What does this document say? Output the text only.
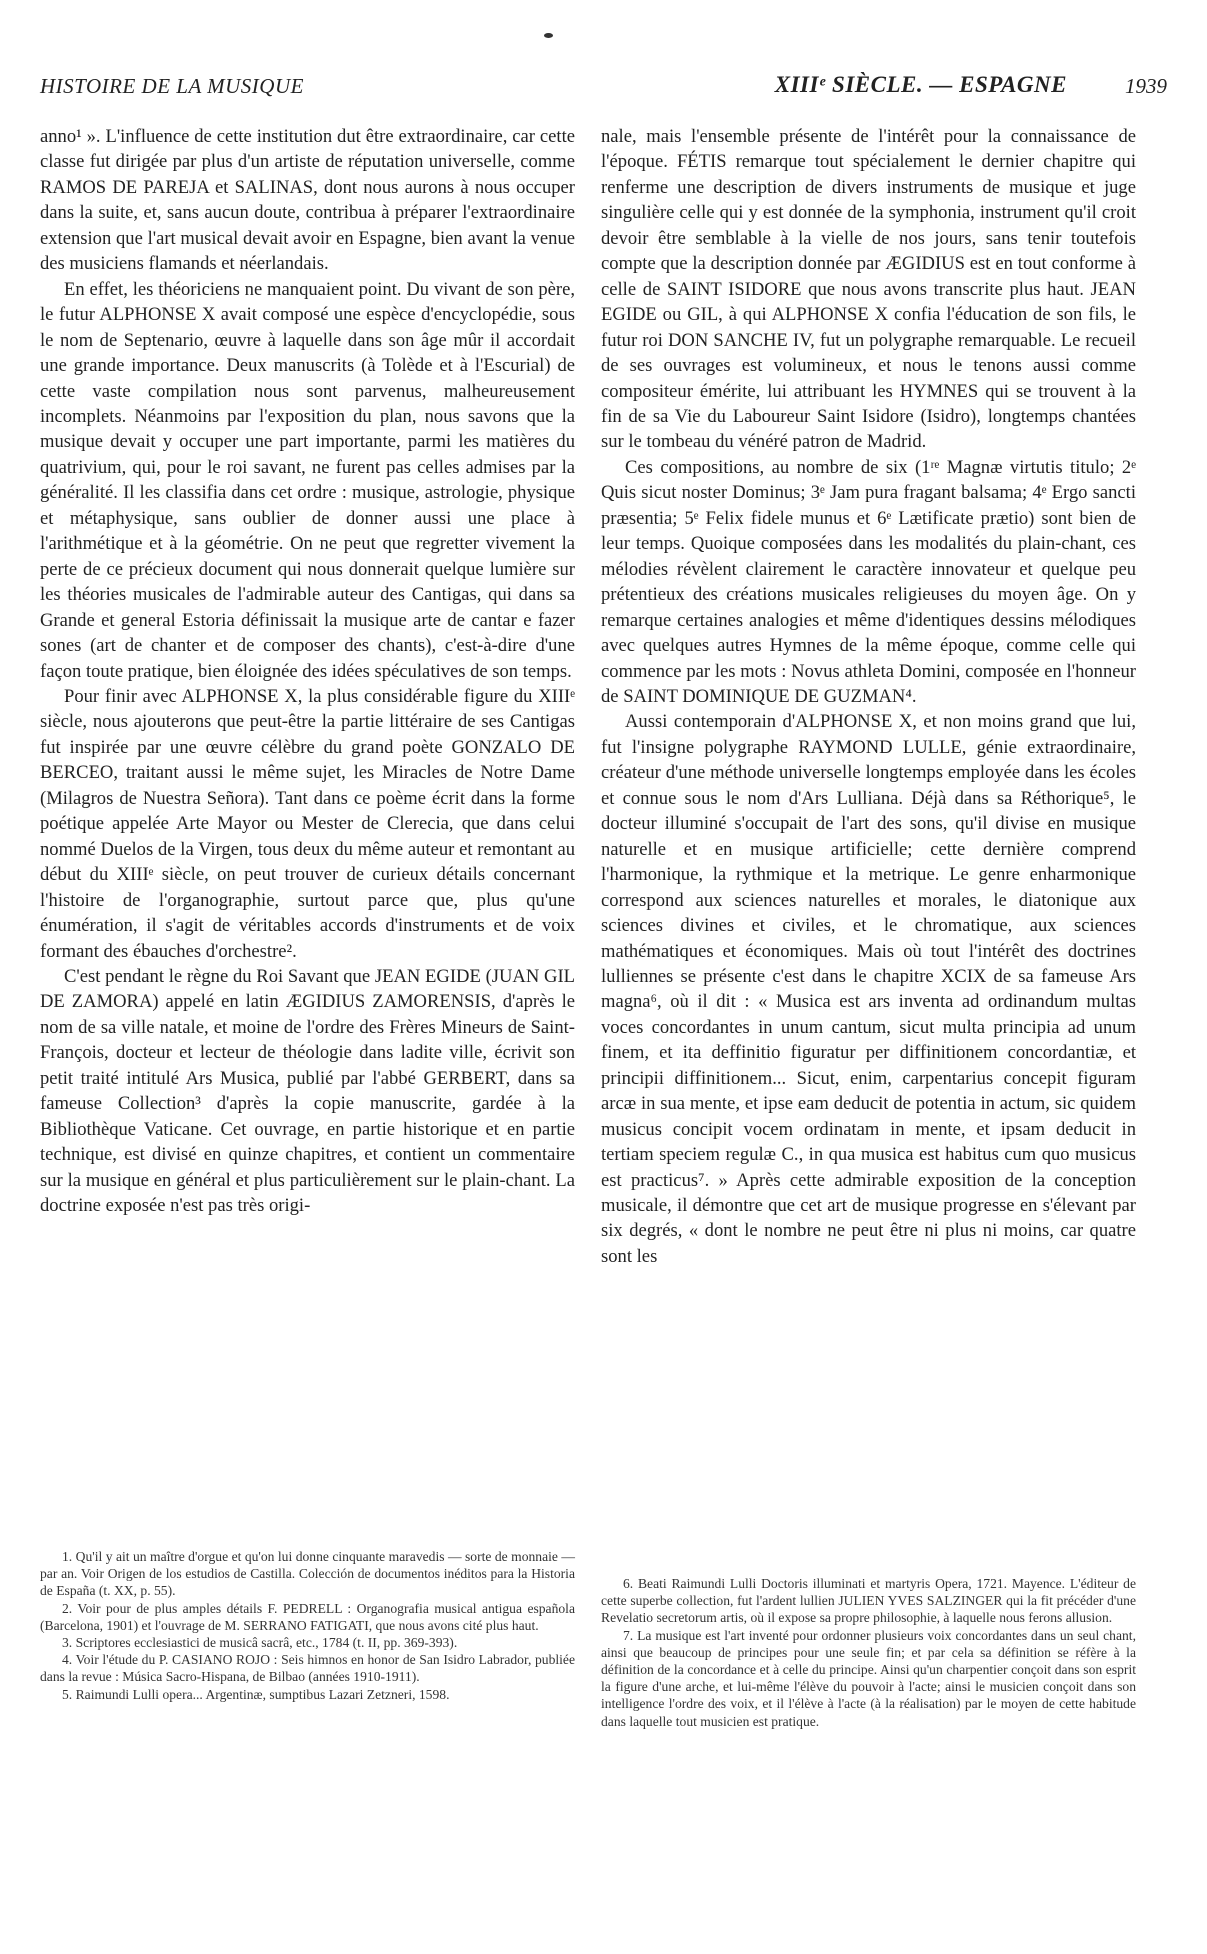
HISTOIRE DE LA MUSIQUE	XIIIᵉ SIÈCLE. — ESPAGNE	1939

anno¹ ». L'influence de cette institution dut être extraordinaire, car cette classe fut dirigée par plus d'un artiste de réputation universelle, comme RAMOS DE PAREJA et SALINAS, dont nous aurons à nous occuper dans la suite, et, sans aucun doute, contribua à préparer l'extraordinaire extension que l'art musical devait avoir en Espagne, bien avant la venue des musiciens flamands et néerlandais.

En effet, les théoriciens ne manquaient point. Du vivant de son père, le futur ALPHONSE X avait composé une espèce d'encyclopédie, sous le nom de Septenario, œuvre à laquelle dans son âge mûr il accordait une grande importance. Deux manuscrits (à Tolède et à l'Escurial) de cette vaste compilation nous sont parvenus, malheureusement incomplets. Néanmoins par l'exposition du plan, nous savons que la musique devait y occuper une part importante, parmi les matières du quatrivium, qui, pour le roi savant, ne furent pas celles admises par la généralité. Il les classifia dans cet ordre : musique, astrologie, physique et métaphysique, sans oublier de donner aussi une place à l'arithmétique et à la géométrie. On ne peut que regretter vivement la perte de ce précieux document qui nous donnerait quelque lumière sur les théories musicales de l'admirable auteur des Cantigas, qui dans sa Grande et general Estoria définissait la musique arte de cantar e fazer sones (art de chanter et de composer des chants), c'est-à-dire d'une façon toute pratique, bien éloignée des idées spéculatives de son temps.

Pour finir avec ALPHONSE X, la plus considérable figure du XIIIᵉ siècle, nous ajouterons que peut-être la partie littéraire de ses Cantigas fut inspirée par une œuvre célèbre du grand poète GONZALO DE BERCEO, traitant aussi le même sujet, les Miracles de Notre Dame (Milagros de Nuestra Señora). Tant dans ce poème écrit dans la forme poétique appelée Arte Mayor ou Mester de Clerecia, que dans celui nommé Duelos de la Virgen, tous deux du même auteur et remontant au début du XIIIᵉ siècle, on peut trouver de curieux détails concernant l'histoire de l'organographie, surtout parce que, plus qu'une énumération, il s'agit de véritables accords d'instruments et de voix formant des ébauches d'orchestre².

C'est pendant le règne du Roi Savant que JEAN EGIDE (JUAN GIL DE ZAMORA) appelé en latin ÆGIDIUS ZAMORENSIS, d'après le nom de sa ville natale, et moine de l'ordre des Frères Mineurs de Saint-François, docteur et lecteur de théologie dans ladite ville, écrivit son petit traité intitulé Ars Musica, publié par l'abbé GERBERT, dans sa fameuse Collection³ d'après la copie manuscrite, gardée à la Bibliothèque Vaticane. Cet ouvrage, en partie historique et en partie technique, est divisé en quinze chapitres, et contient un commentaire sur la musique en général et plus particulièrement sur le plain-chant. La doctrine exposée n'est pas très origi-

nale, mais l'ensemble présente de l'intérêt pour la connaissance de l'époque. FÉTIS remarque tout spécialement le dernier chapitre qui renferme une description de divers instruments de musique et juge singulière celle qui y est donnée de la symphonia, instrument qu'il croit devoir être semblable à la vielle de nos jours, sans tenir toutefois compte que la description donnée par ÆGIDIUS est en tout conforme à celle de SAINT ISIDORE que nous avons transcrite plus haut. JEAN EGIDE ou GIL, à qui ALPHONSE X confia l'éducation de son fils, le futur roi DON SANCHE IV, fut un polygraphe remarquable. Le recueil de ses ouvrages est volumineux, et nous le tenons aussi comme compositeur émérite, lui attribuant les HYMNES qui se trouvent à la fin de sa Vie du Laboureur Saint Isidore (Isidro), longtemps chantées sur le tombeau du vénéré patron de Madrid.

Ces compositions, au nombre de six (1ʳᵉ Magnæ virtutis titulo; 2ᵉ Quis sicut noster Dominus; 3ᵉ Jam pura fragant balsama; 4ᵉ Ergo sancti præsentia; 5ᵉ Felix fidele munus et 6ᵉ Lætificate prætio) sont bien de leur temps. Quoique composées dans les modalités du plain-chant, ces mélodies révèlent clairement le caractère innovateur et quelque peu prétentieux des créations musicales religieuses du moyen âge. On y remarque certaines analogies et même d'identiques dessins mélodiques avec quelques autres Hymnes de la même époque, comme celle qui commence par les mots : Novus athleta Domini, composée en l'honneur de SAINT DOMINIQUE DE GUZMAN⁴.

Aussi contemporain d'ALPHONSE X, et non moins grand que lui, fut l'insigne polygraphe RAYMOND LULLE, génie extraordinaire, créateur d'une méthode universelle longtemps employée dans les écoles et connue sous le nom d'Ars Lulliana. Déjà dans sa Réthorique⁵, le docteur illuminé s'occupait de l'art des sons, qu'il divise en musique naturelle et en musique artificielle; cette dernière comprend l'harmonique, la rythmique et la metrique. Le genre enharmonique correspond aux sciences naturelles et morales, le diatonique aux sciences divines et civiles, et le chromatique, aux sciences mathématiques et économiques. Mais où tout l'intérêt des doctrines lulliennes se présente c'est dans le chapitre XCIX de sa fameuse Ars magna⁶, où il dit : « Musica est ars inventa ad ordinandum multas voces concordantes in unum cantum, sicut multa principia ad unum finem, et ita deffinitio figuratur per diffinitionem concordantiæ, et principii diffinitionem... Sicut, enim, carpentarius concepit figuram arcæ in sua mente, et ipse eam deducit de potentia in actum, sic quidem musicus concipit vocem ordinatam in mente, et ipsam deducit in tertiam speciem regulæ C., in qua musica est habitus cum quo musicus est practicus⁷. » Après cette admirable exposition de la conception musicale, il démontre que cet art de musique progresse en s'élevant par six degrés, « dont le nombre ne peut être ni plus ni moins, car quatre sont les

1. Qu'il y ait un maître d'orgue et qu'on lui donne cinquante maravedis — sorte de monnaie — par an. Voir Origen de los estudios de Castilla. Colección de documentos inéditos para la Historia de España (t. XX, p. 55).

2. Voir pour de plus amples détails F. PEDRELL : Organografia musical antigua española (Barcelona, 1901) et l'ouvrage de M. SERRANO FATIGATI, que nous avons cité plus haut.

3. Scriptores ecclesiastici de musicâ sacrâ, etc., 1784 (t. II, pp. 369-393).

4. Voir l'étude du P. CASIANO ROJO : Seis himnos en honor de San Isidro Labrador, publiée dans la revue : Música Sacro-Hispana, de Bilbao (années 1910-1911).

5. Raimundi Lulli opera... Argentinæ, sumptibus Lazari Zetzneri, 1598.

6. Beati Raimundi Lulli Doctoris illuminati et martyris Opera, 1721. Mayence. L'éditeur de cette superbe collection, fut l'ardent lullien JULIEN YVES SALZINGER qui la fit précéder d'une Revelatio secretorum artis, où il expose sa propre philosophie, à laquelle nous ferons allusion.

7. La musique est l'art inventé pour ordonner plusieurs voix concordantes dans un seul chant, ainsi que beaucoup de principes pour une seule fin; et par cela sa définition se réfère à la définition de la concordance et à celle du principe. Ainsi qu'un charpentier conçoit dans son esprit la figure d'une arche, et lui-même l'élève du pouvoir à l'acte; ainsi le musicien conçoit dans son intelligence l'ordre des voix, et il l'élève à l'acte (à la réalisation) par le moyen de cette habitude dans laquelle tout musicien est pratique.
